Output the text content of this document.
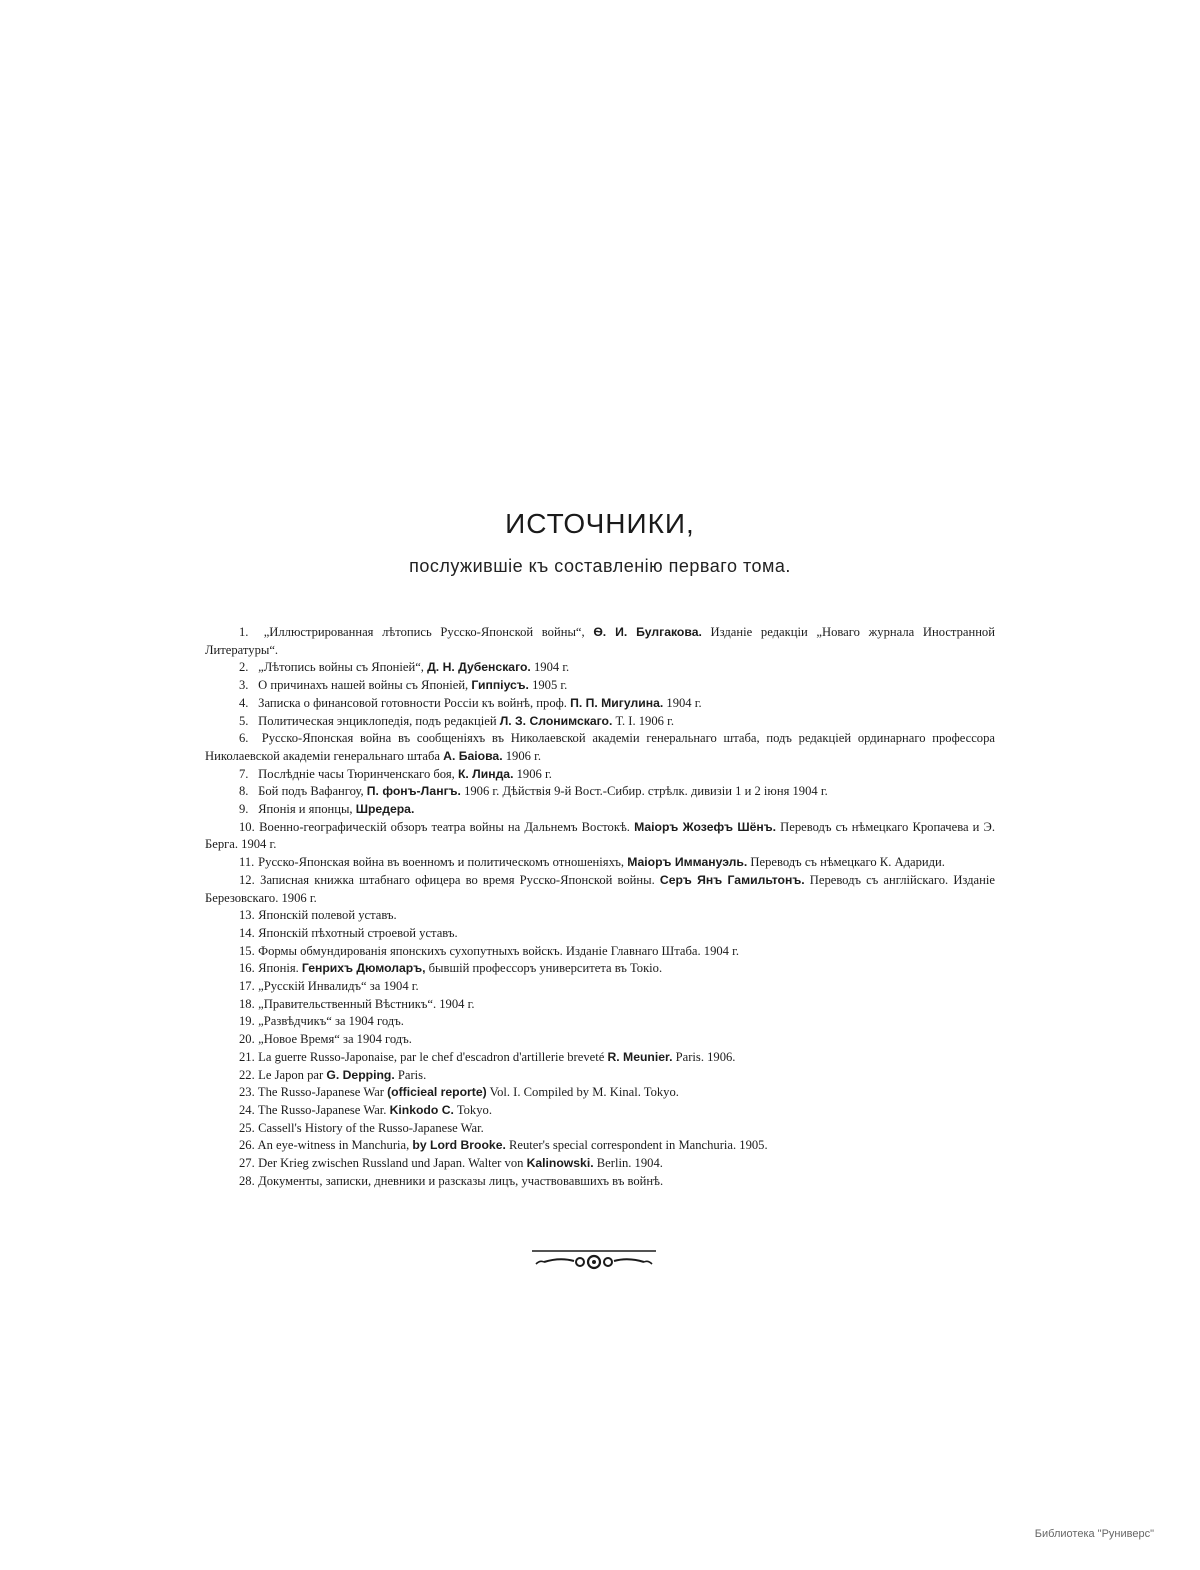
ИСТОЧНИКИ,
послужившіе къ составленію перваго тома.
1. „Иллюстрированная лѣтопись Русско-Японской войны“, Ѳ. И. Булгакова. Изданіе редакціи „Новаго журнала Иностранной Литературы“.
2. „Лѣтопись войны съ Японіей“, Д. Н. Дубенскаго. 1904 г.
3. О причинахъ нашей войны съ Японіей, Гиппіусъ. 1905 г.
4. Записка о финансовой готовности Россіи къ войнѣ, проф. П. П. Мигулина. 1904 г.
5. Политическая энциклопедія, подъ редакціей Л. З. Слонимскаго. Т. І. 1906 г.
6. Русско-Японская война въ сообщеніяхъ въ Николаевской академіи генеральнаго штаба, подъ редакціей ординарнаго профессора Николаевской академіи генеральнаго штаба А. Баіова. 1906 г.
7. Послѣдніе часы Тюринченскаго боя, К. Линда. 1906 г.
8. Бой подъ Вафангоу, П. фонъ-Лангъ. 1906 г. Дѣйствія 9-й Вост.-Сибир. стрѣлк. дивизіи 1 и 2 іюня 1904 г.
9. Японія и японцы, Шредера.
10. Военно-географическій обзоръ театра войны на Дальнемъ Востокѣ. Маіоръ Жозефъ Шёнъ. Переводъ съ нѣмецкаго Кропачева и Э. Берга. 1904 г.
11. Русско-Японская война въ военномъ и политическомъ отношеніяхъ, Маіоръ Иммануэль. Переводъ съ нѣмецкаго К. Адариди.
12. Записная книжка штабнаго офицера во время Русско-Японской войны. Серъ Янъ Гамильтонъ. Переводъ съ англійскаго. Изданіе Березовскаго. 1906 г.
13. Японскій полевой уставъ.
14. Японскій пѣхотный строевой уставъ.
15. Формы обмундированія японскихъ сухопутныхъ войскъ. Изданіе Главнаго Штаба. 1904 г.
16. Японія. Генрихъ Дюмоларъ, бывшій профессоръ университета въ Токіо.
17. „Русскій Инвалидъ“ за 1904 г.
18. „Правительственный Вѣстникъ“. 1904 г.
19. „Развѣдчикъ“ за 1904 годъ.
20. „Новое Время“ за 1904 годъ.
21. La guerre Russo-Japonaise, par le chef d'escadron d'artillerie breveté R. Meunier. Paris. 1906.
22. Le Japon par G. Depping. Paris.
23. The Russo-Japanese War (officieal reporte) Vol. I. Compiled by M. Kinal. Tokyo.
24. The Russo-Japanese War. Kinkodo C. Tokyo.
25. Cassell's History of the Russo-Japanese War.
26. An eye-witness in Manchuria, by Lord Brooke. Reuter's special correspondent in Manchuria. 1905.
27. Der Krieg zwischen Russland und Japan. Walter von Kalinowski. Berlin. 1904.
28. Документы, записки, дневники и разсказы лицъ, участвовавшихъ въ войнѣ.
Библиотека "Руниверс"
